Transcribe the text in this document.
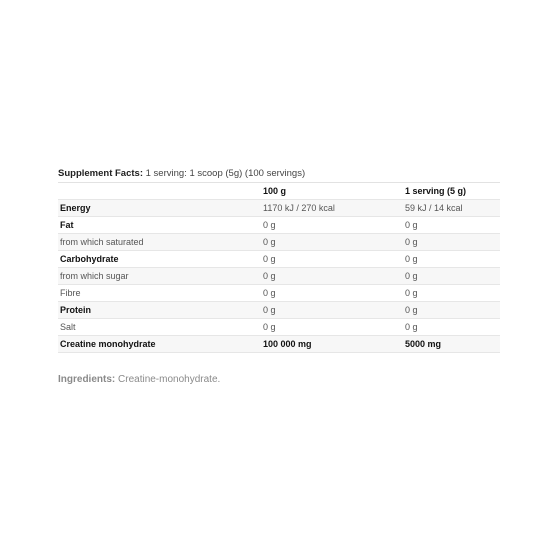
Supplement Facts: 1 serving: 1 scoop (5g) (100 servings)
	100 g	1 serving (5 g)
Energy	1170 kJ / 270 kcal	59 kJ / 14 kcal
Fat	0 g	0 g
from which saturated	0 g	0 g
Carbohydrate	0 g	0 g
from which sugar	0 g	0 g
Fibre	0 g	0 g
Protein	0 g	0 g
Salt	0 g	0 g
Creatine monohydrate	100 000 mg	5000 mg
Ingredients: Creatine-monohydrate.
